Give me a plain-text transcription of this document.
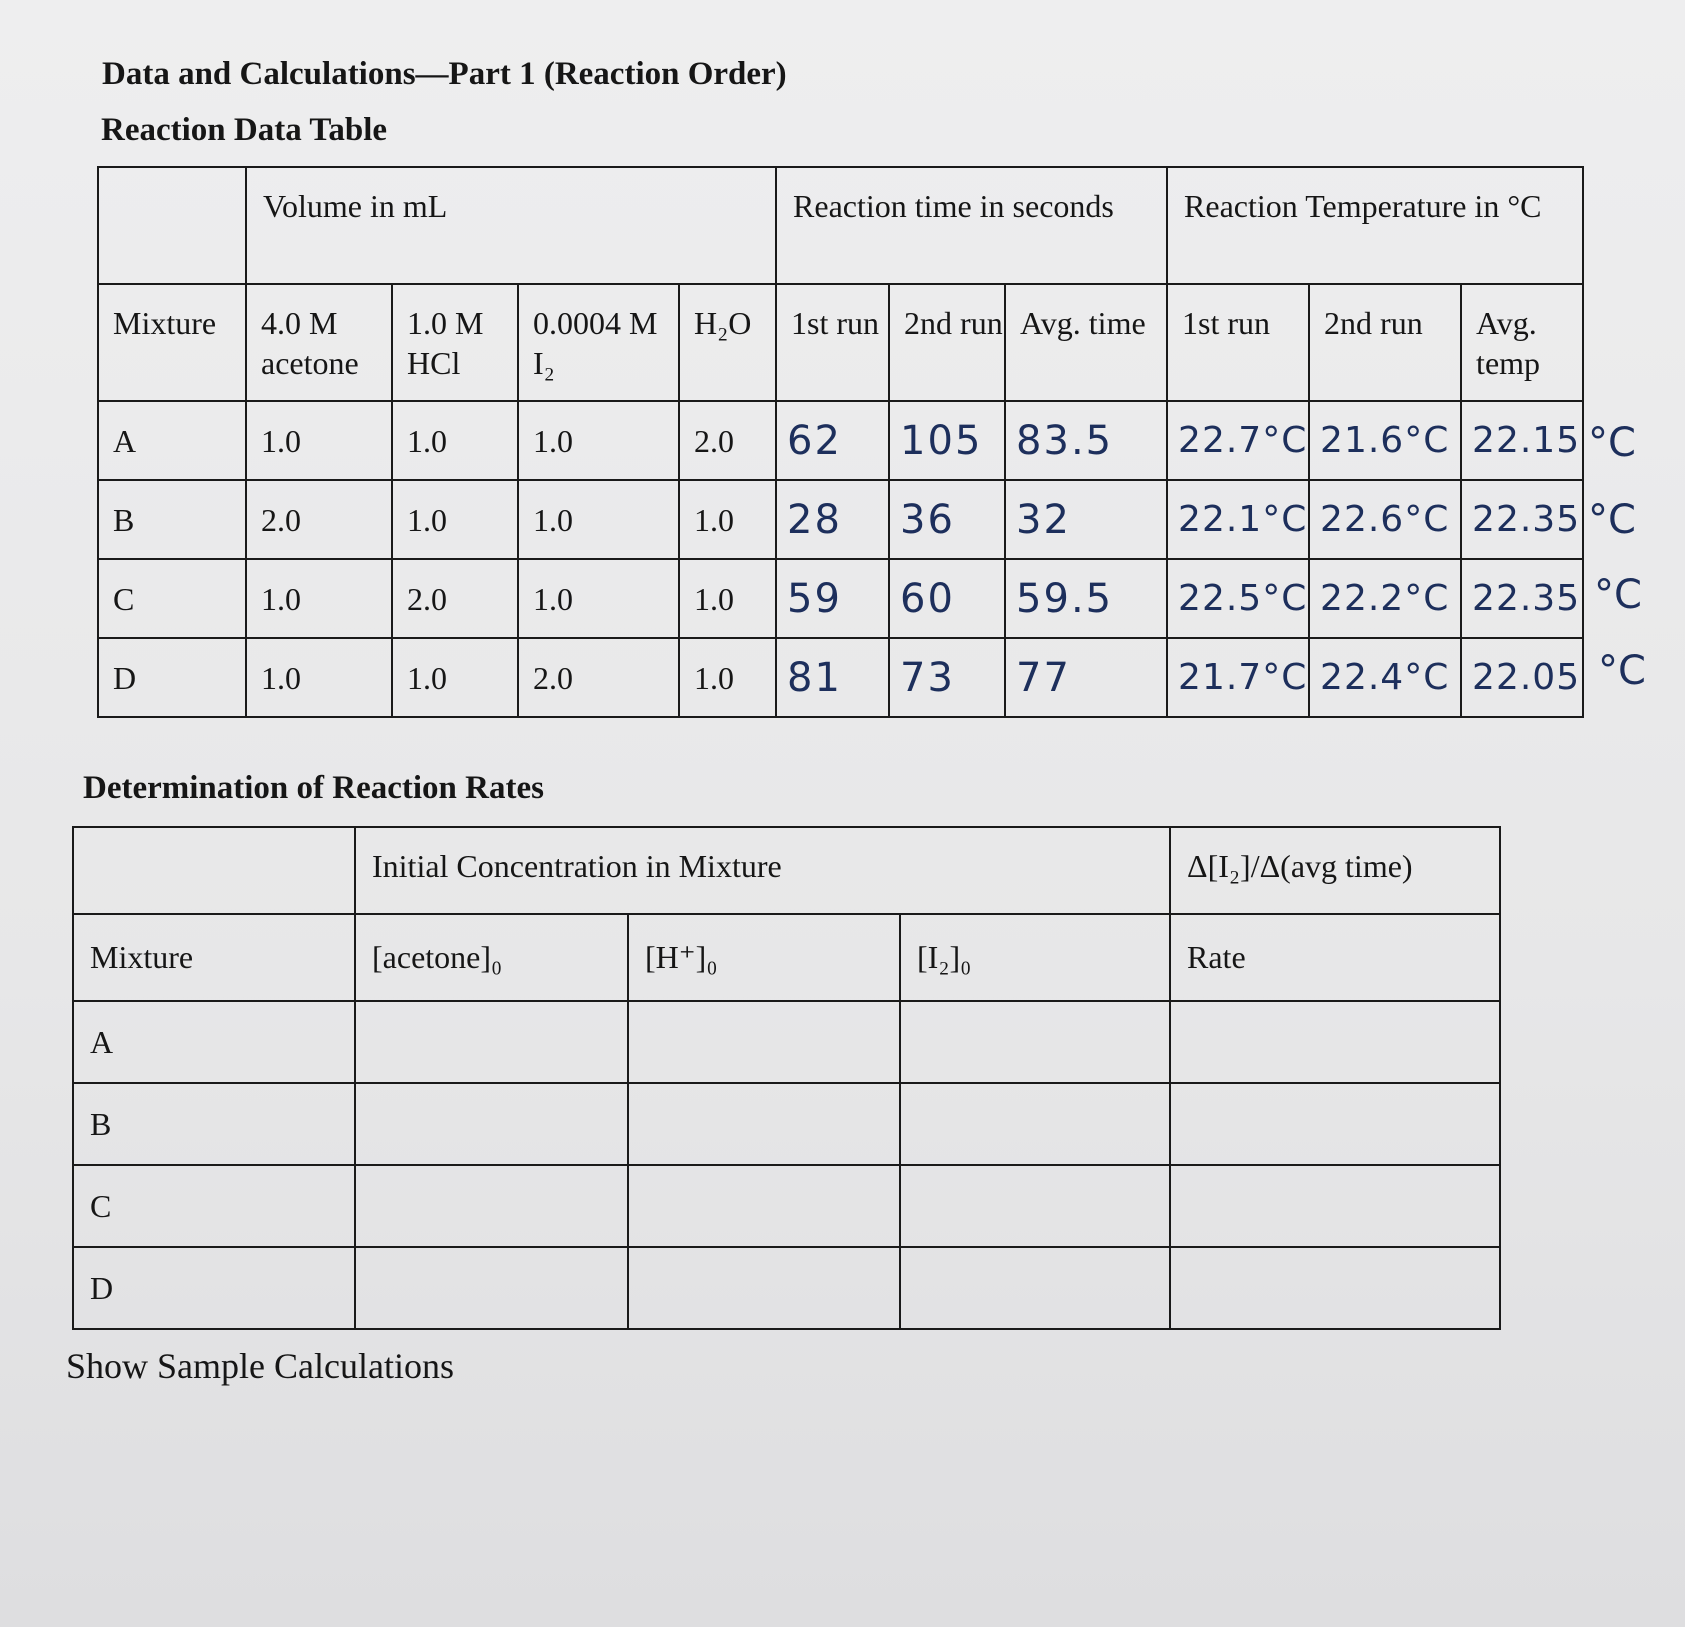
Data and Calculations—Part 1 (Reaction Order)
Reaction Data Table

	Volume in mL				Reaction time in seconds			Reaction Temperature in °C		

Mixture	4.0 M acetone	1.0 M HCl	0.0004 M I₂	H₂O	1st run	2nd run	Avg. time	1st run	2nd run	Avg. temp

A	1.0	1.0	1.0	2.0	62	105	83.5	22.7°C	21.6°C	22.15

B	2.0	1.0	1.0	1.0	28	36	32	22.1°C	22.6°C	22.35

C	1.0	2.0	1.0	1.0	59	60	59.5	22.5°C	22.2°C	22.35

D	1.0	1.0	2.0	1.0	81	73	77	21.7°C	22.4°C	22.05
°C
°C
°C
°C
Determination of Reaction Rates

	Initial Concentration in Mixture			Δ[I₂]/Δ(avg time)

Mixture	[acetone]₀	[H⁺]₀	[I₂]₀	Rate

A				

B				

C				

D				

Show Sample Calculations
